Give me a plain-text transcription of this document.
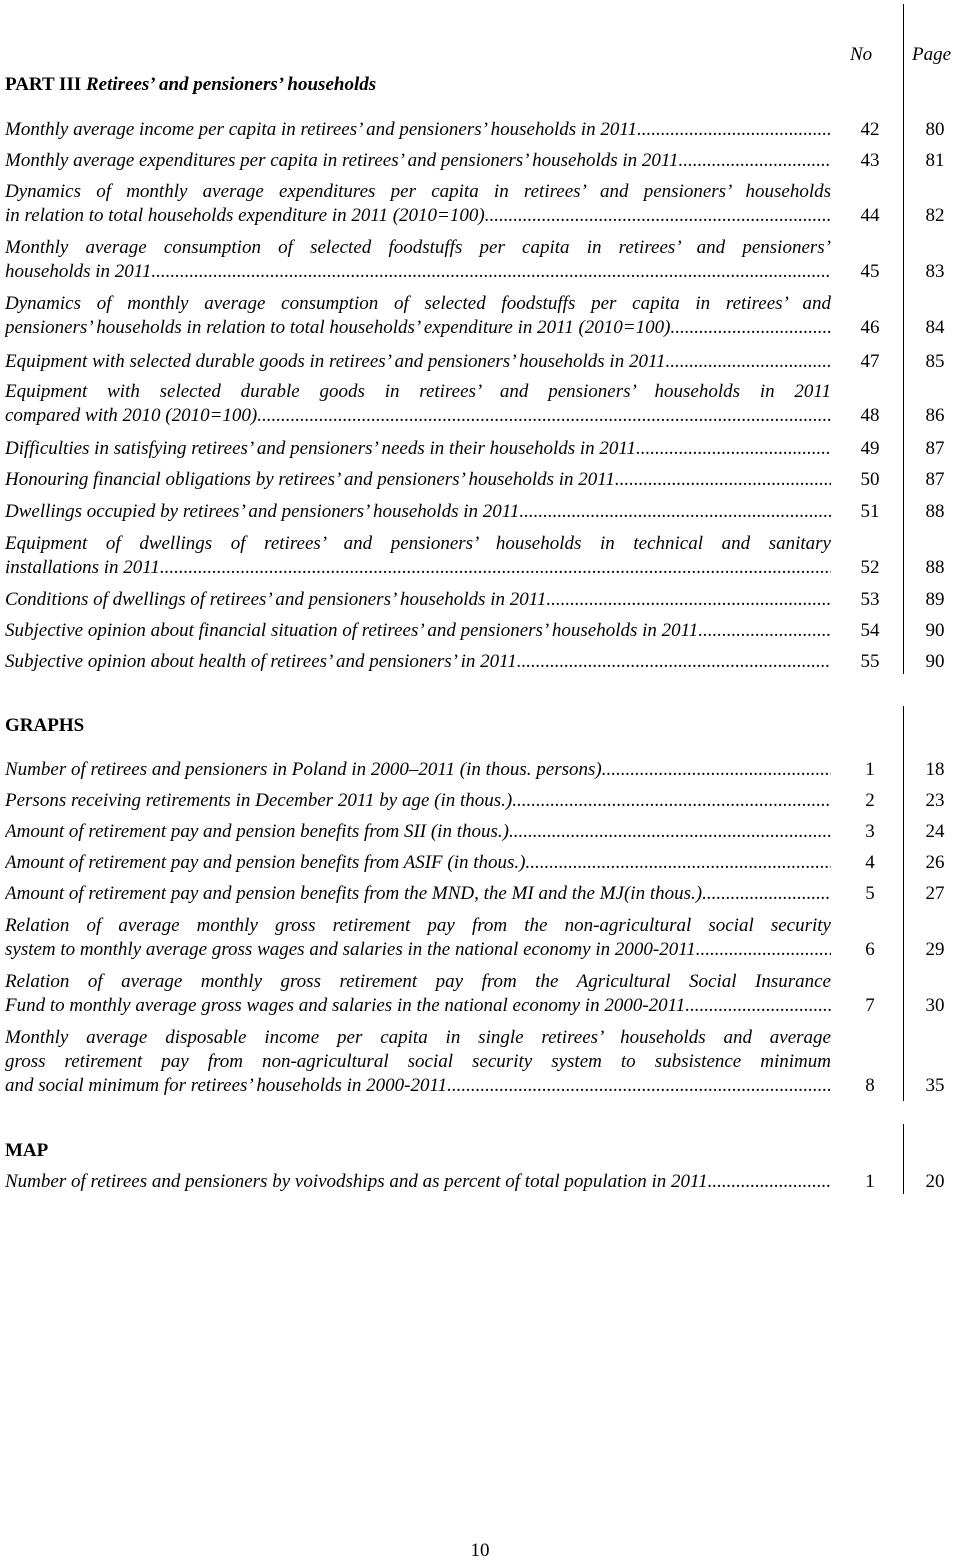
No Page
PART III Retirees’ and pensioners’ households
GRAPHS
MAP
10
Monthly average income per capita in retirees’ and pensioners’ households in 2011 .....	42	80
Monthly average expenditures per capita in retirees’ and pensioners’ households in 2011 .....	43	81
Dynamics of monthly average expenditures per capita in retirees’ and pensioners’ households
in relation to total households expenditure in 2011 (2010=100) .....	44	82
Monthly average consumption of selected foodstuffs per capita in retirees’ and pensioners’
households in 2011 .....	45	83
Dynamics of monthly average consumption of selected foodstuffs per capita in retirees’ and
pensioners’ households in relation to total households’ expenditure in 2011 (2010=100) .....	46	84
Equipment with selected durable goods in retirees’ and pensioners’ households in 2011 .....	47	85
Equipment with selected durable goods in retirees’ and pensioners’ households in 2011
compared with 2010 (2010=100) .....	48	86
Difficulties in satisfying retirees’ and pensioners’ needs in their households in 2011 .....	49	87
Honouring financial obligations by retirees’ and pensioners’ households in 2011 .....	50	87
Dwellings occupied by retirees’ and pensioners’ households in 2011 .....	51	88
Equipment of dwellings of retirees’ and pensioners’ households in technical and sanitary
installations in 2011 .....	52	88
Conditions of dwellings of retirees’ and pensioners’ households in 2011 .....	53	89
Subjective opinion about financial situation of retirees’ and pensioners’ households in 2011 .....	54	90
Subjective opinion about health of retirees’ and pensioners’ in 2011 .....	55	90
Number of retirees and pensioners in Poland in 2000–2011 (in thous. persons) .....	1	18
Persons receiving retirements in December 2011 by age (in thous.) .....	2	23
Amount of retirement pay and pension benefits from SII (in thous.) .....	3	24
Amount of retirement pay and pension benefits from ASIF (in thous.) .....	4	26
Amount of retirement pay and pension benefits from the MND, the MI and the MJ(in thous.) .....	5	27
Relation of average monthly gross retirement pay from the non-agricultural social security
system to monthly average gross wages and salaries in the national economy in 2000-2011 .....	6	29
Relation of average monthly gross retirement pay from the Agricultural Social Insurance
Fund to monthly average gross wages and salaries in the national economy in 2000-2011 .....	7	30
Monthly average disposable income per capita in single retirees’ households and average
gross retirement pay from non-agricultural social security system to subsistence minimum
and social minimum for retirees’ households in 2000-2011 .....	8	35
Number of retirees and pensioners by voivodships and as percent of total population in 2011 .....	1	20
